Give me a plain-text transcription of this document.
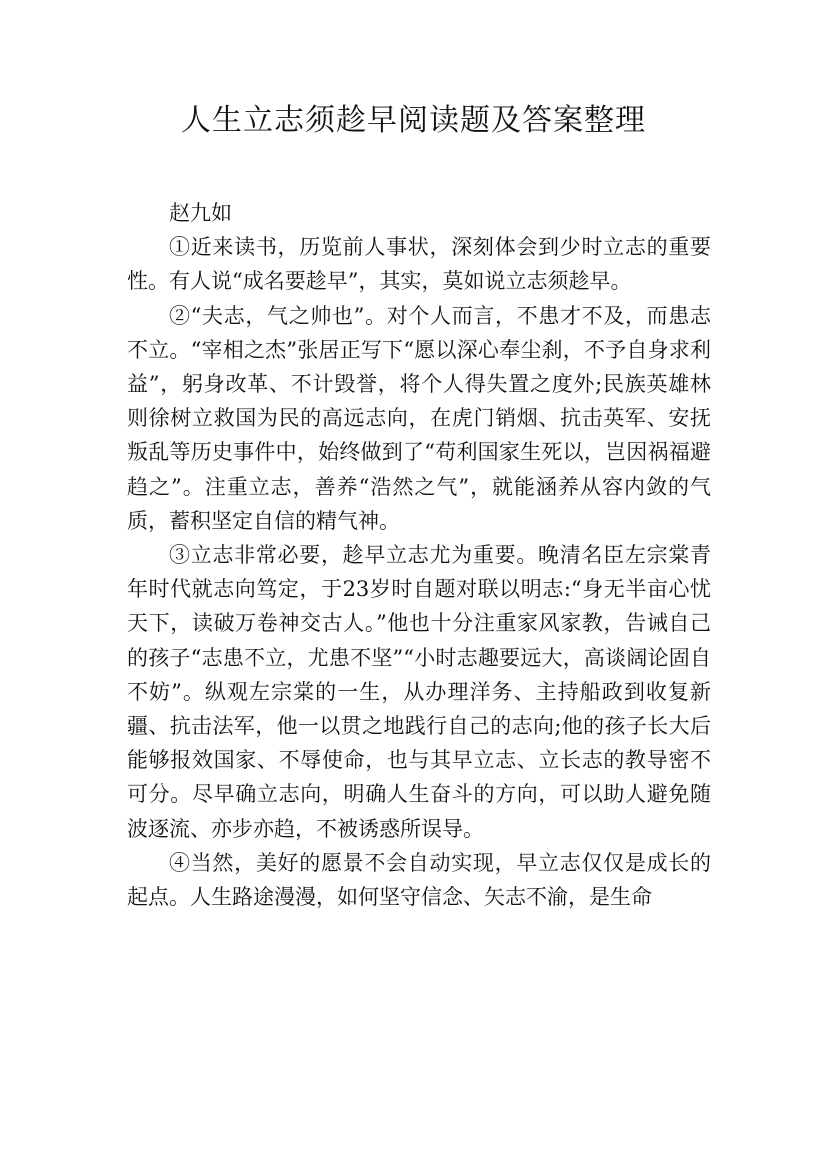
人生立志须趁早阅读题及答案整理

赵九如

①近来读书，历览前人事状，深刻体会到少时立志的重要性。有人说“成名要趁早”，其实，莫如说立志须趁早。

②“夫志，气之帅也”。对个人而言，不患才不及，而患志不立。“宰相之杰”张居正写下“愿以深心奉尘刹，不予自身求利益”，躬身改革、不计毁誉，将个人得失置之度外;民族英雄林则徐树立救国为民的高远志向，在虎门销烟、抗击英军、安抚叛乱等历史事件中，始终做到了“苟利国家生死以，岂因祸福避趋之”。注重立志，善养“浩然之气”，就能涵养从容内敛的气质，蓄积坚定自信的精气神。

③立志非常必要，趁早立志尤为重要。晚清名臣左宗棠青年时代就志向笃定，于23岁时自题对联以明志:“身无半亩心忧天下，读破万卷神交古人。”他也十分注重家风家教，告诫自己的孩子“志患不立，尤患不坚”“小时志趣要远大，高谈阔论固自不妨”。纵观左宗棠的一生，从办理洋务、主持船政到收复新疆、抗击法军，他一以贯之地践行自己的志向;他的孩子长大后能够报效国家、不辱使命，也与其早立志、立长志的教导密不可分。尽早确立志向，明确人生奋斗的方向，可以助人避免随波逐流、亦步亦趋，不被诱惑所误导。

④当然，美好的愿景不会自动实现，早立志仅仅是成长的起点。人生路途漫漫，如何坚守信念、矢志不渝，是生命
